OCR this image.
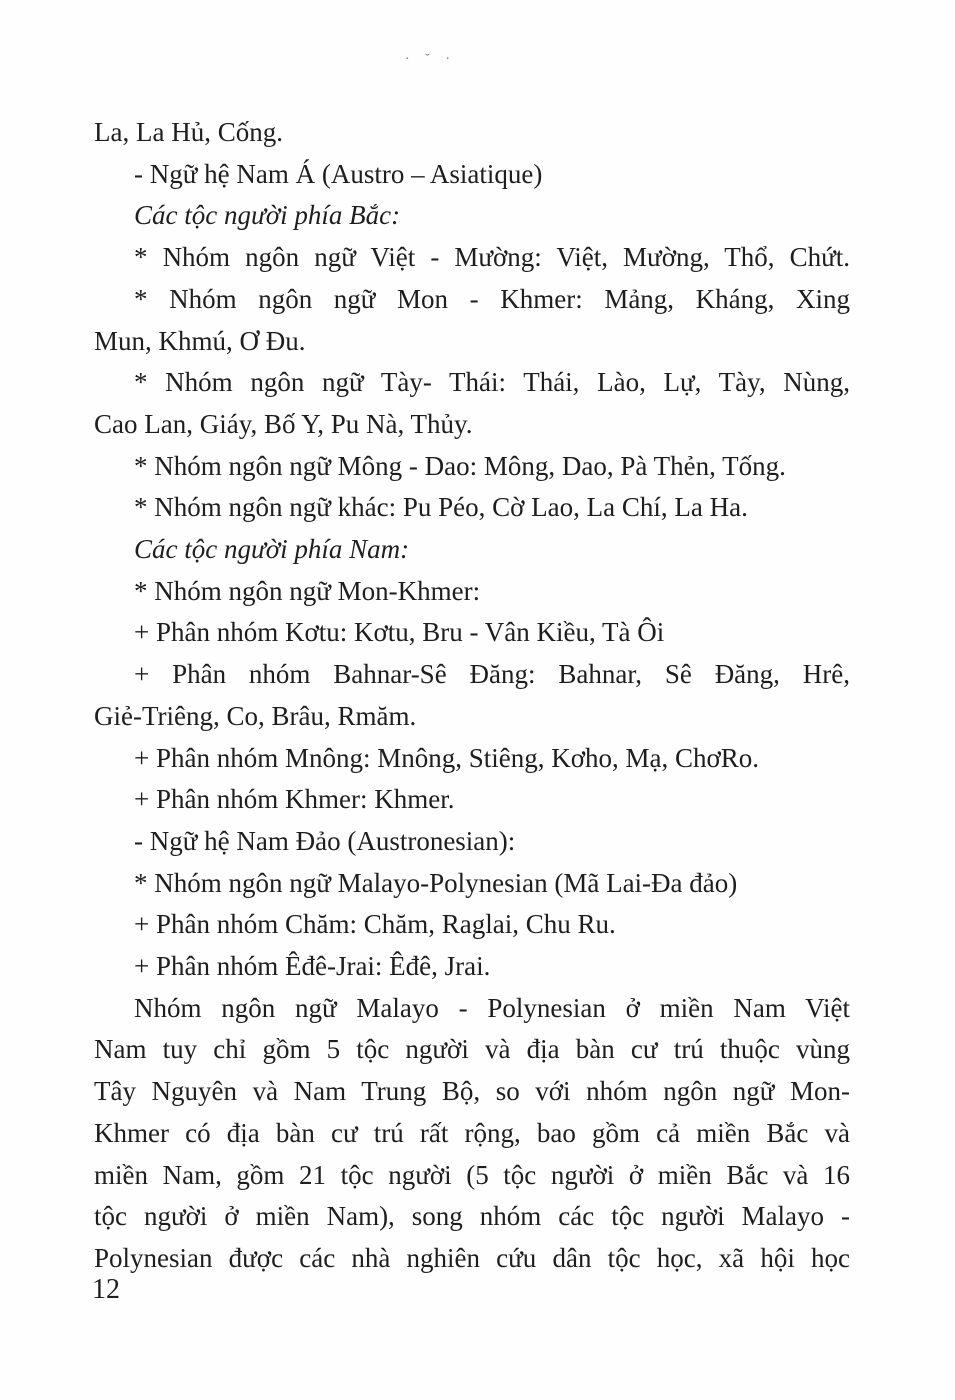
· ˘ ·

La, La Hủ, Cống.

- Ngữ hệ Nam Á (Austro – Asiatique)

Các tộc người phía Bắc:

* Nhóm ngôn ngữ Việt - Mường: Việt, Mường, Thổ, Chứt.

* Nhóm ngôn ngữ Mon - Khmer: Mảng, Kháng, Xing

Mun, Khmú, Ơ Đu.

* Nhóm ngôn ngữ Tày- Thái: Thái, Lào, Lự, Tày, Nùng,

Cao Lan, Giáy, Bố Y, Pu Nà, Thủy.

* Nhóm ngôn ngữ Mông - Dao: Mông, Dao, Pà Thẻn, Tống.

* Nhóm ngôn ngữ khác: Pu Péo, Cờ Lao, La Chí, La Ha.

Các tộc người phía Nam:

* Nhóm ngôn ngữ Mon-Khmer:

+ Phân nhóm Kơtu: Kơtu, Bru - Vân Kiều, Tà Ôi

+ Phân nhóm Bahnar-Sê Đăng: Bahnar, Sê Đăng, Hrê,

Giẻ-Triêng, Co, Brâu, Rmăm.

+ Phân nhóm Mnông: Mnông, Stiêng, Kơho, Mạ, ChơRo.

+ Phân nhóm Khmer: Khmer.

- Ngữ hệ Nam Đảo (Austronesian):

* Nhóm ngôn ngữ Malayo-Polynesian (Mã Lai-Đa đảo)

+ Phân nhóm Chăm: Chăm, Raglai, Chu Ru.

+ Phân nhóm Êđê-Jrai: Êđê, Jrai.

Nhóm ngôn ngữ Malayo - Polynesian ở miền Nam Việt

Nam tuy chỉ gồm 5 tộc người và địa bàn cư trú thuộc vùng

Tây Nguyên và Nam Trung Bộ, so với nhóm ngôn ngữ Mon-

Khmer có địa bàn cư trú rất rộng, bao gồm cả miền Bắc và

miền Nam, gồm 21 tộc người (5 tộc người ở miền Bắc và 16

tộc người ở miền Nam), song nhóm các tộc người Malayo -

Polynesian được các nhà nghiên cứu dân tộc học, xã hội học

12
